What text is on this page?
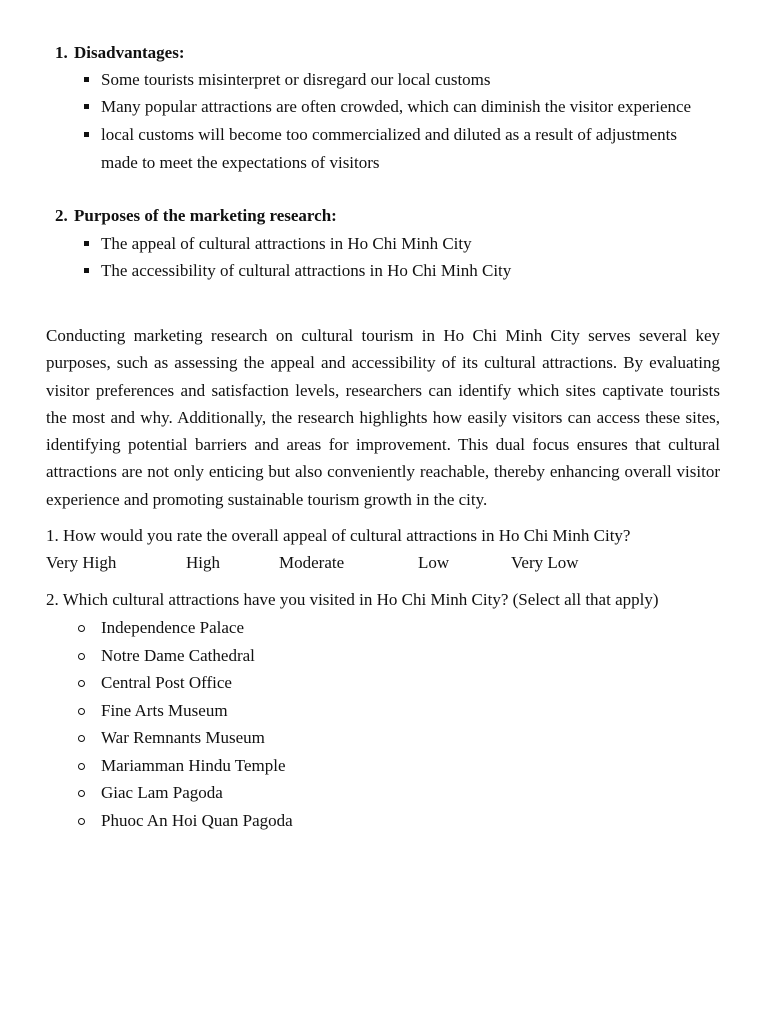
1. Disadvantages:
Some tourists misinterpret or disregard our local customs
Many popular attractions are often crowded, which can diminish the visitor experience
local customs will become too commercialized and diluted as a result of adjustments made to meet the expectations of visitors
2. Purposes of the marketing research:
The appeal of cultural attractions in Ho Chi Minh City
The accessibility of cultural attractions in Ho Chi Minh City
Conducting marketing research on cultural tourism in Ho Chi Minh City serves several key purposes, such as assessing the appeal and accessibility of its cultural attractions. By evaluating visitor preferences and satisfaction levels, researchers can identify which sites captivate tourists the most and why. Additionally, the research highlights how easily visitors can access these sites, identifying potential barriers and areas for improvement. This dual focus ensures that cultural attractions are not only enticing but also conveniently reachable, thereby enhancing overall visitor experience and promoting sustainable tourism growth in the city.
1. How would you rate the overall appeal of cultural attractions in Ho Chi Minh City?
Very High	High	Moderate	Low	Very Low
2. Which cultural attractions have you visited in Ho Chi Minh City? (Select all that apply)
Independence Palace
Notre Dame Cathedral
Central Post Office
Fine Arts Museum
War Remnants Museum
Mariamman Hindu Temple
Giac Lam Pagoda
Phuoc An Hoi Quan Pagoda
